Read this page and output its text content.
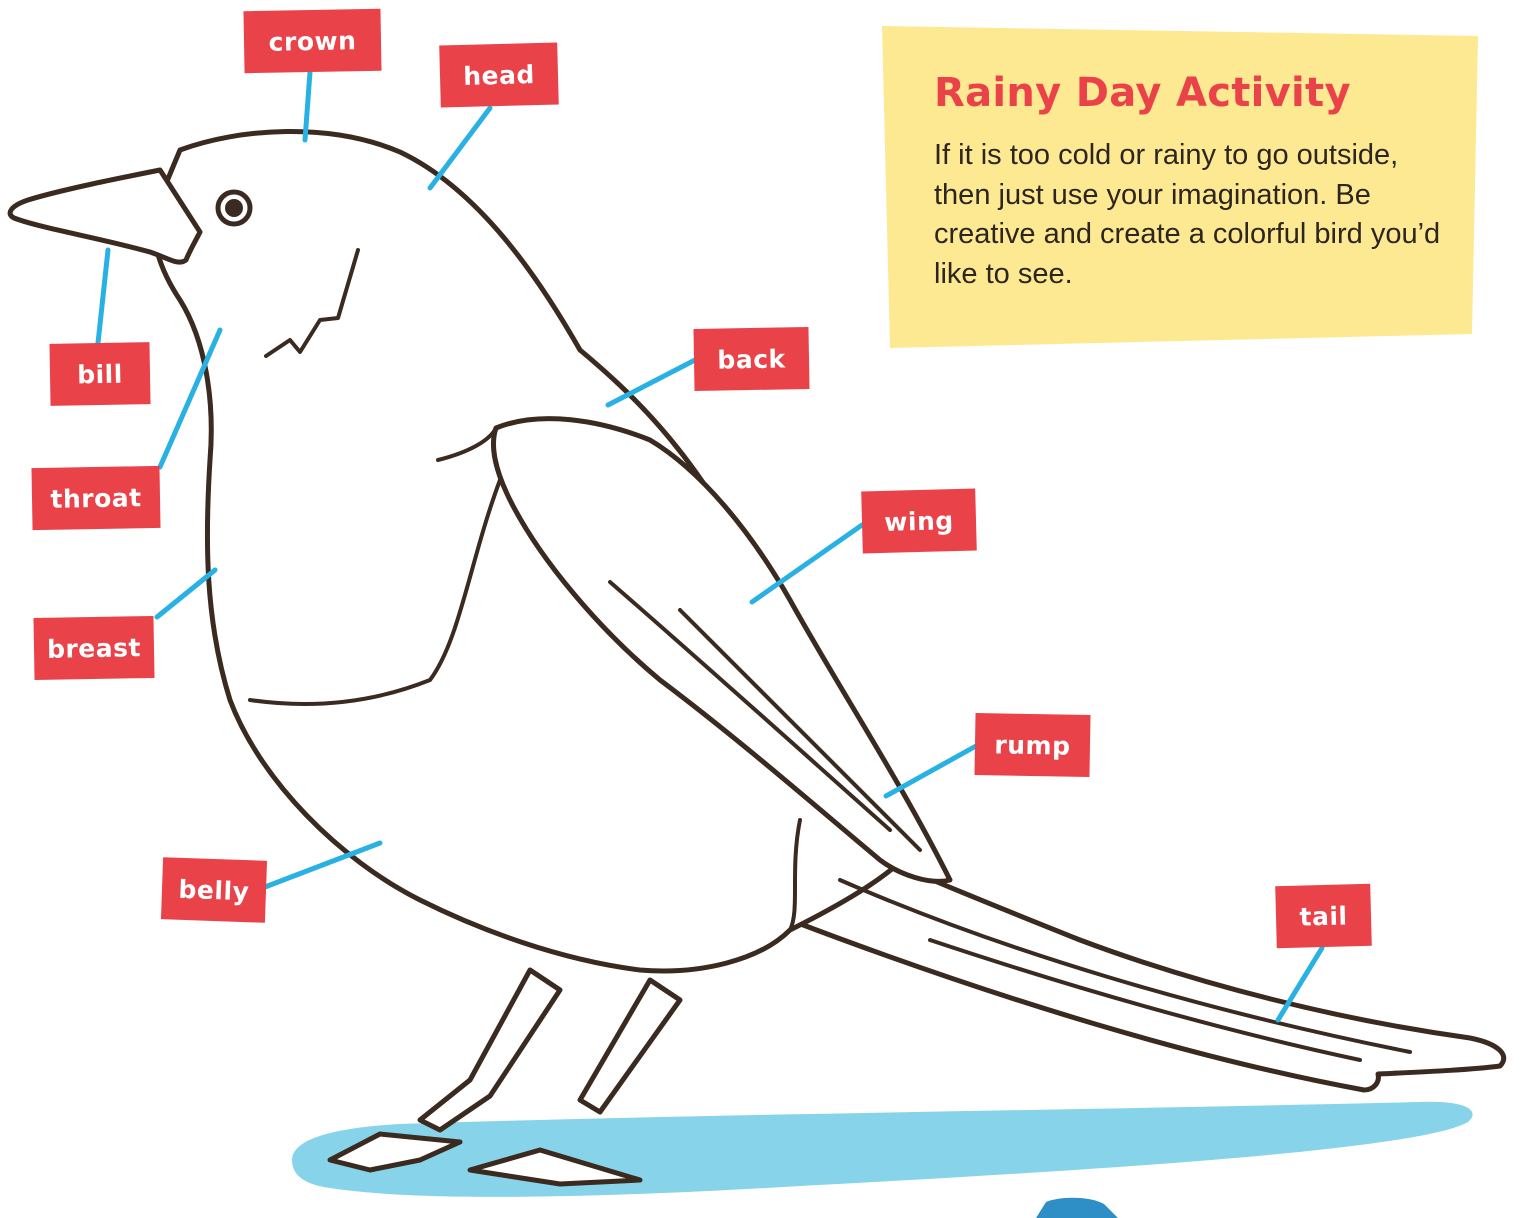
crown
head
bill
throat
breast
belly
back
wing
rump
tail
Rainy Day Activity

If it is too cold or rainy to go outside, then just use your imagination. Be creative and create a colorful bird you’d like to see.
